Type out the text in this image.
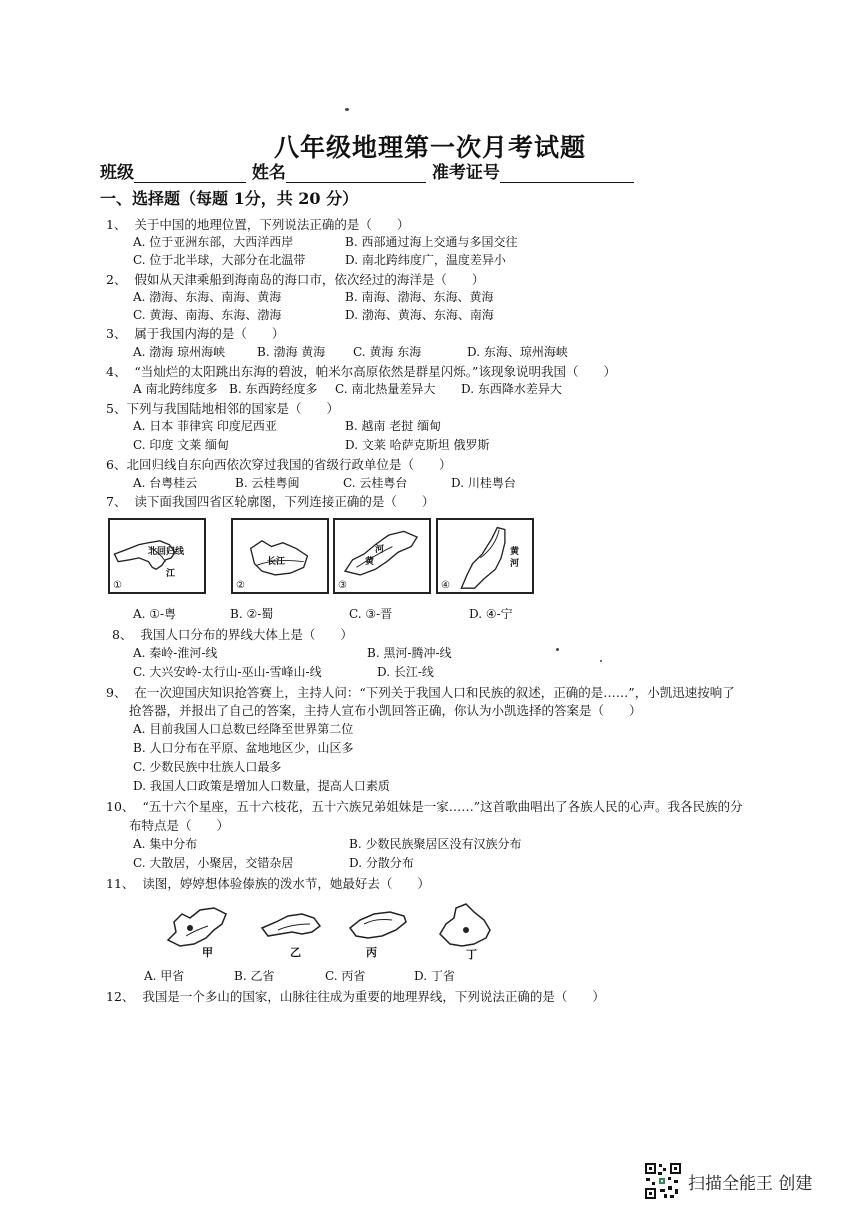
八年级地理第一次月考试题
班级	姓名	准考证号
一、选择题（每题 1分，共 20 分）
1、 关于中国的地理位置，下列说法正确的是（　　）
A. 位于亚洲东部，大西洋西岸	B. 西部通过海上交通与多国交往
C. 位于北半球，大部分在北温带	D. 南北跨纬度广，温度差异小
2、 假如从天津乘船到海南岛的海口市，依次经过的海洋是（　　）
A. 渤海、东海、南海、黄海	B. 南海、渤海、东海、黄海
C. 黄海、南海、东海、渤海	D. 渤海、黄海、东海、南海
3、 属于我国内海的是（　　）
A. 渤海 琼州海峡	B. 渤海 黄海 C. 黄海 东海	D. 东海、琼州海峡
4、 “当灿烂的太阳跳出东海的碧波，帕米尔高原依然是群星闪烁。”该现象说明我国（　　）
A 南北跨纬度多 B. 东西跨经度多 C. 南北热量差异大 D. 东西降水差异大
5、下列与我国陆地相邻的国家是（　　）
A. 日本 菲律宾 印度尼西亚	B. 越南 老挝 缅甸
C. 印度 文莱 缅甸	D. 文莱 哈萨克斯坦 俄罗斯
6、北回归线自东向西依次穿过我国的省级行政单位是（　　）
A. 台粤桂云	B. 云桂粤闽	C. 云桂粤台	D. 川桂粤台
7、 读下面我国四省区轮廓图，下列连接正确的是（　　）
北回归线
江
①
长江
②
河
黄
③
黄
河
④
A. ①-粤	B. ②-蜀	C. ③-晋	D. ④-宁
8、 我国人口分布的界线大体上是（　　）
A. 秦岭-淮河-线	B. 黑河-腾冲-线
C. 大兴安岭-太行山-巫山-雪峰山-线	D. 长江-线
9、 在一次迎国庆知识抢答赛上，主持人问：“下列关于我国人口和民族的叙述，正确的是……”，小凯迅速按响了
抢答器，并报出了自己的答案，主持人宣布小凯回答正确，你认为小凯选择的答案是（　　）
A. 目前我国人口总数已经降至世界第二位
B. 人口分布在平原、盆地地区少，山区多
C. 少数民族中壮族人口最多
D. 我国人口政策是增加人口数量，提高人口素质
10、 “五十六个星座，五十六枝花，五十六族兄弟姐妹是一家……”这首歌曲唱出了各族人民的心声。我各民族的分
布特点是（　　）
A. 集中分布	B. 少数民族聚居区没有汉族分布
C. 大散居，小聚居，交错杂居	D. 分散分布
11、 读图，婷婷想体验傣族的泼水节，她最好去（　　）
甲	乙	丙	丁
A. 甲省	B. 乙省	C. 丙省	D. 丁省
12、 我国是一个多山的国家，山脉往往成为重要的地理界线，下列说法正确的是（　　）
扫描全能王 创建
